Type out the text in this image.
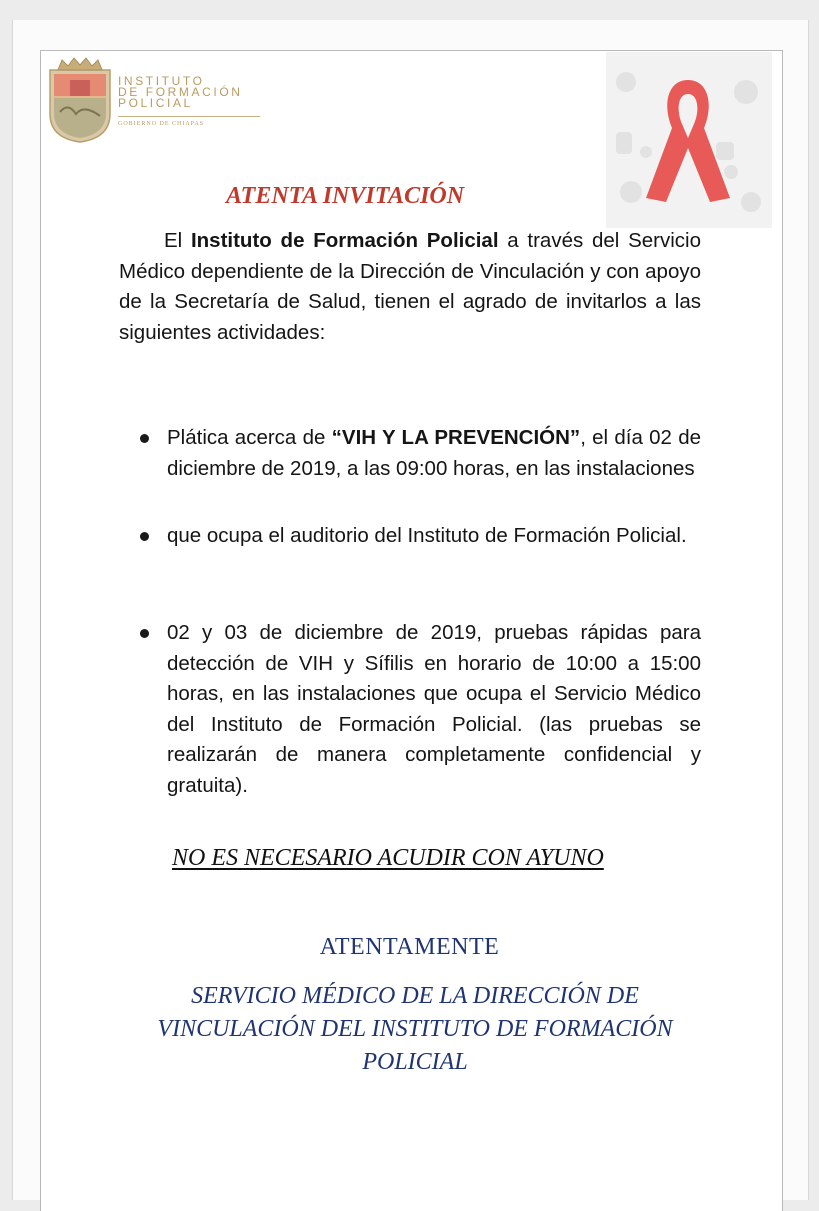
INSTITUTO
DE FORMACIÓN
POLICIAL
GOBIERNO DE CHIAPAS
ATENTA INVITACIÓN
El Instituto de Formación Policial a través del Servicio Médico dependiente de la Dirección de Vinculación y con apoyo de la Secretaría de Salud, tienen el agrado de invitarlos a las siguientes actividades:
Plática acerca de “VIH Y LA PREVENCIÓN”, el día 02 de diciembre de 2019, a las 09:00 horas, en las instalaciones
que ocupa el auditorio del Instituto de Formación Policial.
02 y 03 de diciembre de 2019, pruebas rápidas para detección de VIH y Sífilis en horario de 10:00 a 15:00 horas, en las instalaciones que ocupa el Servicio Médico del Instituto de Formación Policial. (las pruebas se realizarán de manera completamente confidencial y gratuita).
NO ES NECESARIO ACUDIR CON AYUNO
ATENTAMENTE
SERVICIO MÉDICO DE LA DIRECCIÓN DE
VINCULACIÓN DEL INSTITUTO DE FORMACIÓN
POLICIAL
